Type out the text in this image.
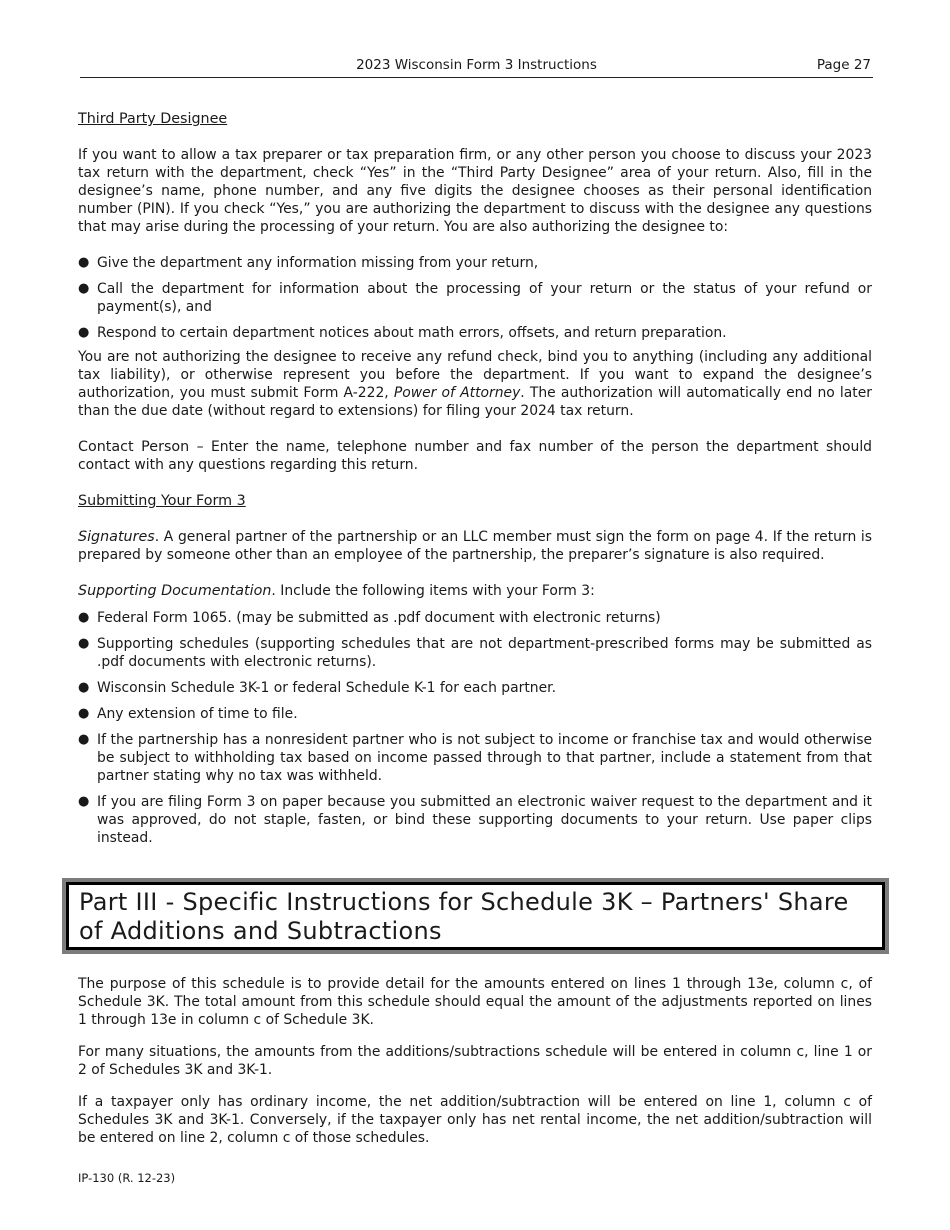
2023 Wisconsin Form 3 Instructions	Page 27

Third Party Designee

If you want to allow a tax preparer or tax preparation firm, or any other person you choose to discuss your 2023 tax return with the department, check “Yes” in the “Third Party Designee” area of your return. Also, fill in the designee’s name, phone number, and any five digits the designee chooses as their personal identification number (PIN). If you check “Yes,” you are authorizing the department to discuss with the designee any questions that may arise during the processing of your return. You are also authorizing the designee to:

● Give the department any information missing from your return,
● Call the department for information about the processing of your return or the status of your refund or payment(s), and
● Respond to certain department notices about math errors, offsets, and return preparation.

You are not authorizing the designee to receive any refund check, bind you to anything (including any additional tax liability), or otherwise represent you before the department. If you want to expand the designee’s authorization, you must submit Form A-222, Power of Attorney. The authorization will automatically end no later than the due date (without regard to extensions) for filing your 2024 tax return.

Contact Person – Enter the name, telephone number and fax number of the person the department should contact with any questions regarding this return.

Submitting Your Form 3

Signatures. A general partner of the partnership or an LLC member must sign the form on page 4. If the return is prepared by someone other than an employee of the partnership, the preparer’s signature is also required.

Supporting Documentation. Include the following items with your Form 3:

● Federal Form 1065. (may be submitted as .pdf document with electronic returns)
● Supporting schedules (supporting schedules that are not department-prescribed forms may be submitted as .pdf documents with electronic returns).
● Wisconsin Schedule 3K-1 or federal Schedule K-1 for each partner.
● Any extension of time to file.
● If the partnership has a nonresident partner who is not subject to income or franchise tax and would otherwise be subject to withholding tax based on income passed through to that partner, include a statement from that partner stating why no tax was withheld.
● If you are filing Form 3 on paper because you submitted an electronic waiver request to the department and it was approved, do not staple, fasten, or bind these supporting documents to your return. Use paper clips instead.
Part III - Specific Instructions for Schedule 3K – Partners' Share of Additions and Subtractions

The purpose of this schedule is to provide detail for the amounts entered on lines 1 through 13e, column c, of Schedule 3K. The total amount from this schedule should equal the amount of the adjustments reported on lines 1 through 13e in column c of Schedule 3K.

For many situations, the amounts from the additions/subtractions schedule will be entered in column c, line 1 or 2 of Schedules 3K and 3K-1.

If a taxpayer only has ordinary income, the net addition/subtraction will be entered on line 1, column c of Schedules 3K and 3K-1. Conversely, if the taxpayer only has net rental income, the net addition/subtraction will be entered on line 2, column c of those schedules.

IP-130 (R. 12-23)
